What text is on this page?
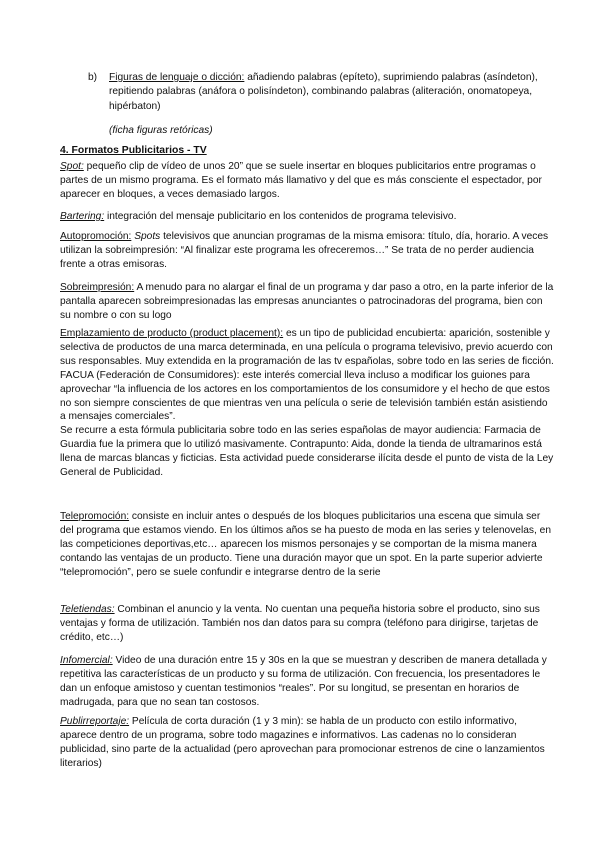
b) Figuras de lenguaje o dicción: añadiendo palabras (epíteto), suprimiendo palabras (asíndeton), repitiendo palabras (anáfora o polisíndeton), combinando palabras (aliteración, onomatopeya, hipérbaton)
(ficha figuras retóricas)
4. Formatos Publicitarios - TV
Spot: pequeño clip de vídeo de unos 20” que se suele insertar en bloques publicitarios entre programas o partes de un mismo programa. Es el formato más llamativo y del que es más consciente el espectador, por aparecer en bloques, a veces demasiado largos.
Bartering: integración del mensaje publicitario en los contenidos de programa televisivo.
Autopromoción: Spots televisivos que anuncian programas de la misma emisora: título, día, horario. A veces utilizan la sobreimpresión: “Al finalizar este programa les ofreceremos…” Se trata de no perder audiencia frente a otras emisoras.
Sobreimpresión: A menudo para no alargar el final de un programa y dar paso a otro, en la parte inferior de la pantalla aparecen sobreimpresionadas las empresas anunciantes o patrocinadoras del programa, bien con su nombre o con su logo
Emplazamiento de producto (product placement): es un tipo de publicidad encubierta: aparición, sostenible y selectiva de productos de una marca determinada, en una película o programa televisivo, previo acuerdo con sus responsables. Muy extendida en la programación de las tv españolas, sobre todo en las series de ficción.
FACUA (Federación de Consumidores): este interés comercial lleva incluso a modificar los guiones para aprovechar “la influencia de los actores en los comportamientos de los consumidore y el hecho de que estos no son siempre conscientes de que mientras ven una película o serie de televisión también están asistiendo a mensajes comerciales”.
Se recurre a esta fórmula publicitaria sobre todo en las series españolas de mayor audiencia: Farmacia de Guardia fue la primera que lo utilizó masivamente. Contrapunto: Aida, donde la tienda de ultramarinos está llena de marcas blancas y ficticias. Esta actividad puede considerarse ilícita desde el punto de vista de la Ley General de Publicidad.
Telepromoción: consiste en incluir antes o después de los bloques publicitarios una escena que simula ser del programa que estamos viendo. En los últimos años se ha puesto de moda en las series y telenovelas, en las competiciones deportivas,etc… aparecen los mismos personajes y se comportan de la misma manera contando las ventajas de un producto. Tiene una duración mayor que un spot. En la parte superior advierte “telepromoción”, pero se suele confundir e integrarse dentro de la serie
Teletiendas: Combinan el anuncio y la venta. No cuentan una pequeña historia sobre el producto, sino sus ventajas y forma de utilización. También nos dan datos para su compra (teléfono para dirigirse, tarjetas de crédito, etc…)
Infomercial: Video de una duración entre 15 y 30s en la que se muestran y describen de manera detallada y repetitiva las características de un producto y su forma de utilización. Con frecuencia, los presentadores le dan un enfoque amistoso y cuentan testimonios “reales”. Por su longitud, se presentan en horarios de madrugada, para que no sean tan costosos.
Publirreportaje: Película de corta duración (1 y 3 min): se habla de un producto con estilo informativo, aparece dentro de un programa, sobre todo magazines e informativos. Las cadenas no lo consideran publicidad, sino parte de la actualidad (pero aprovechan para promocionar estrenos de cine o lanzamientos literarios)
